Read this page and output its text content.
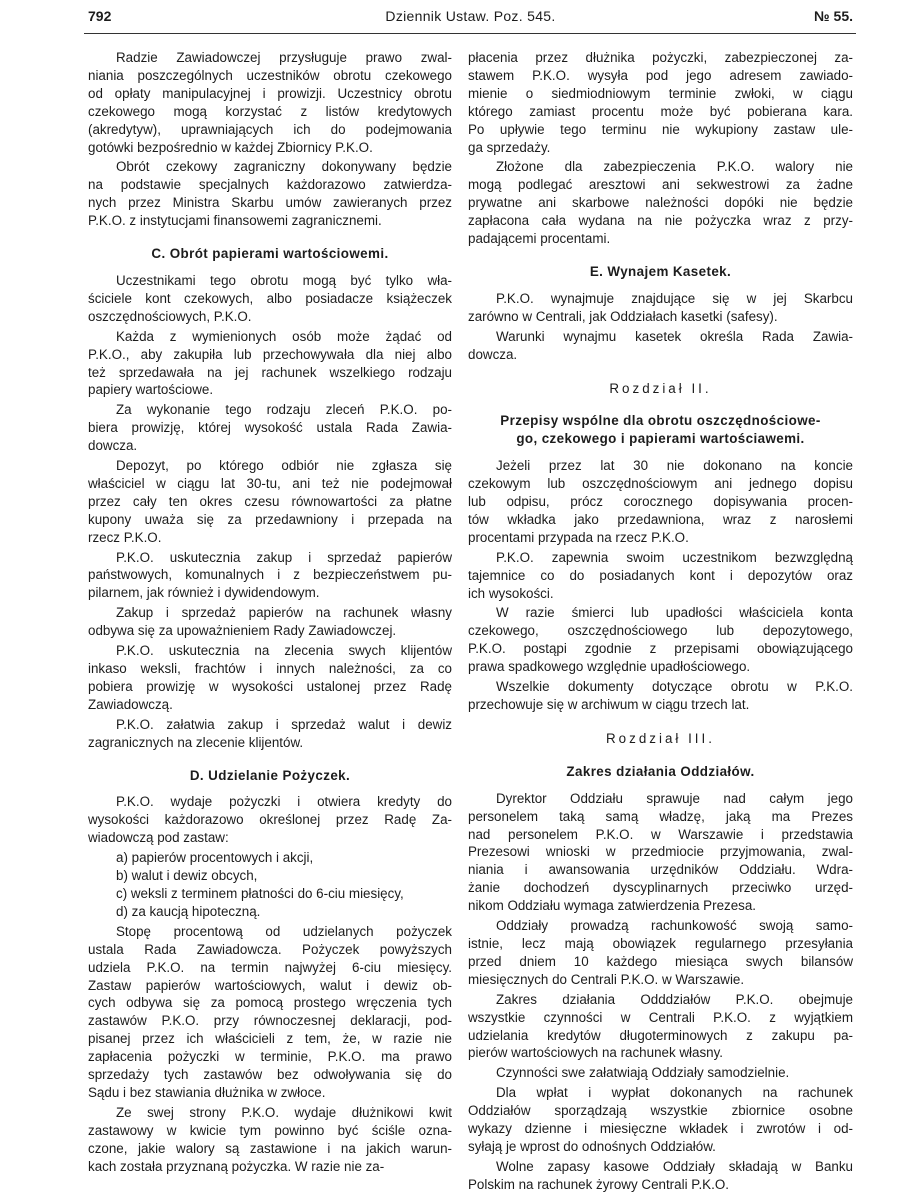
792	Dziennik Ustaw. Poz. 545.	№ 55.
Radzie Zawiadowczej przysługuje prawo zwal-
niania poszczególnych uczestników obrotu czekowego
od opłaty manipulacyjnej i prowizji. Uczestnicy obrotu
czekowego mogą korzystać z listów kredytowych
(akredytyw), uprawniających ich do podejmowania
gotówki bezpośrednio w każdej Zbiornicy P.K.O.
Obrót czekowy zagraniczny dokonywany będzie
na podstawie specjalnych każdorazowo zatwierdza-
nych przez Ministra Skarbu umów zawieranych przez
P.K.O. z instytucjami finansowemi zagranicznemi.
C. Obrót papierami wartościowemi.
Uczestnikami tego obrotu mogą być tylko wła-
ściciele kont czekowych, albo posiadacze książeczek
oszczędnościowych, P.K.O.
Każda z wymienionych osób może żądać od
P.K.O., aby zakupiła lub przechowywała dla niej albo
też sprzedawała na jej rachunek wszelkiego rodzaju
papiery wartościowe.
Za wykonanie tego rodzaju zleceń P.K.O. po-
biera prowizję, której wysokość ustala Rada Zawia-
dowcza.
Depozyt, po którego odbiór nie zgłasza się
właściciel w ciągu lat 30-tu, ani też nie podejmował
przez cały ten okres czesu równowartości za płatne
kupony uważa się za przedawniony i przepada na
rzecz P.K.O.
P.K.O. uskutecznia zakup i sprzedaż papierów
państwowych, komunalnych i z bezpieczeństwem pu-
pilarnem, jak również i dywidendowym.
Zakup i sprzedaż papierów na rachunek własny
odbywa się za upoważnieniem Rady Zawiadowczej.
P.K.O. uskutecznia na zlecenia swych klijentów
inkaso weksli, frachtów i innych należności, za co
pobiera prowizję w wysokości ustalonej przez Radę
Zawiadowczą.
P.K.O. załatwia zakup i sprzedaż walut i dewiz
zagranicznych na zlecenie klijentów.
D. Udzielanie Pożyczek.
P.K.O. wydaje pożyczki i otwiera kredyty do
wysokości każdorazowo określonej przez Radę Za-
wiadowczą pod zastaw:
a) papierów procentowych i akcji,
b) walut i dewiz obcych,
c) weksli z terminem płatności do 6-ciu miesięcy,
d) za kaucją hipoteczną.
Stopę procentową od udzielanych pożyczek
ustala Rada Zawiadowcza. Pożyczek powyższych
udziela P.K.O. na termin najwyżej 6-ciu miesięcy.
Zastaw papierów wartościowych, walut i dewiz ob-
cych odbywa się za pomocą prostego wręczenia tych
zastawów P.K.O. przy równoczesnej deklaracji, pod-
pisanej przez ich właścicieli z tem, że, w razie nie
zapłacenia pożyczki w terminie, P.K.O. ma prawo
sprzedaży tych zastawów bez odwoływania się do
Sądu i bez stawiania dłużnika w zwłoce.
Ze swej strony P.K.O. wydaje dłużnikowi kwit
zastawowy w kwicie tym powinno być ściśle ozna-
czone, jakie walory są zastawione i na jakich warun-
kach została przyznaną pożyczka. W razie nie za-
płacenia przez dłużnika pożyczki, zabezpieczonej za-
stawem P.K.O. wysyła pod jego adresem zawiado-
mienie o siedmiodniowym terminie zwłoki, w ciągu
którego zamiast procentu może być pobierana kara.
Po upływie tego terminu nie wykupiony zastaw ule-
ga sprzedaży.
Złożone dla zabezpieczenia P.K.O. walory nie
mogą podlegać aresztowi ani sekwestrowi za żadne
prywatne ani skarbowe należności dopóki nie będzie
zapłacona cała wydana na nie pożyczka wraz z przy-
padającemi procentami.
E. Wynajem Kasetek.
P.K.O. wynajmuje znajdujące się w jej Skarbcu
zarówno w Centrali, jak Oddziałach kasetki (safesy).
Warunki wynajmu kasetek określa Rada Zawia-
dowcza.
Rozdział II.
Przepisy wspólne dla obrotu oszczędnościowe-
go, czekowego i papierami wartościawemi.
Jeżeli przez lat 30 nie dokonano na koncie
czekowym lub oszczędnościowym ani jednego dopisu
lub odpisu, prócz corocznego dopisywania procen-
tów wkładka jako przedawniona, wraz z narosłemi
procentami przypada na rzecz P.K.O.
P.K.O. zapewnia swoim uczestnikom bezwzględną
tajemnice co do posiadanych kont i depozytów oraz
ich wysokości.
W razie śmierci lub upadłości właściciela konta
czekowego, oszczędnościowego lub depozytowego,
P.K.O. postąpi zgodnie z przepisami obowiązującego
prawa spadkowego względnie upadłościowego.
Wszelkie dokumenty dotyczące obrotu w P.K.O.
przechowuje się w archiwum w ciągu trzech lat.
Rozdział III.
Zakres działania Oddziałów.
Dyrektor Oddziału sprawuje nad całym jego
personelem taką samą władzę, jaką ma Prezes
nad personelem P.K.O. w Warszawie i przedstawia
Prezesowi wnioski w przedmiocie przyjmowania, zwal-
niania i awansowania urzędników Oddziału. Wdra-
żanie dochodzeń dyscyplinarnych przeciwko urzęd-
nikom Oddziału wymaga zatwierdzenia Prezesa.
Oddziały prowadzą rachunkowość swoją samo-
istnie, lecz mają obowiązek regularnego przesyłania
przed dniem 10 każdego miesiąca swych bilansów
miesięcznych do Centrali P.K.O. w Warszawie.
Zakres działania Odddziałów P.K.O. obejmuje
wszystkie czynności w Centrali P.K.O. z wyjątkiem
udzielania kredytów długoterminowych z zakupu pa-
pierów wartościowych na rachunek własny.
Czynności swe załatwiają Oddziały samodzielnie.
Dla wpłat i wypłat dokonanych na rachunek
Oddziałów sporządzają wszystkie zbiornice osobne
wykazy dzienne i miesięczne wkładek i zwrotów i od-
syłają je wprost do odnośnych Oddziałów.
Wolne zapasy kasowe Oddziały składają w Banku
Polskim na rachunek żyrowy Centrali P.K.O.
